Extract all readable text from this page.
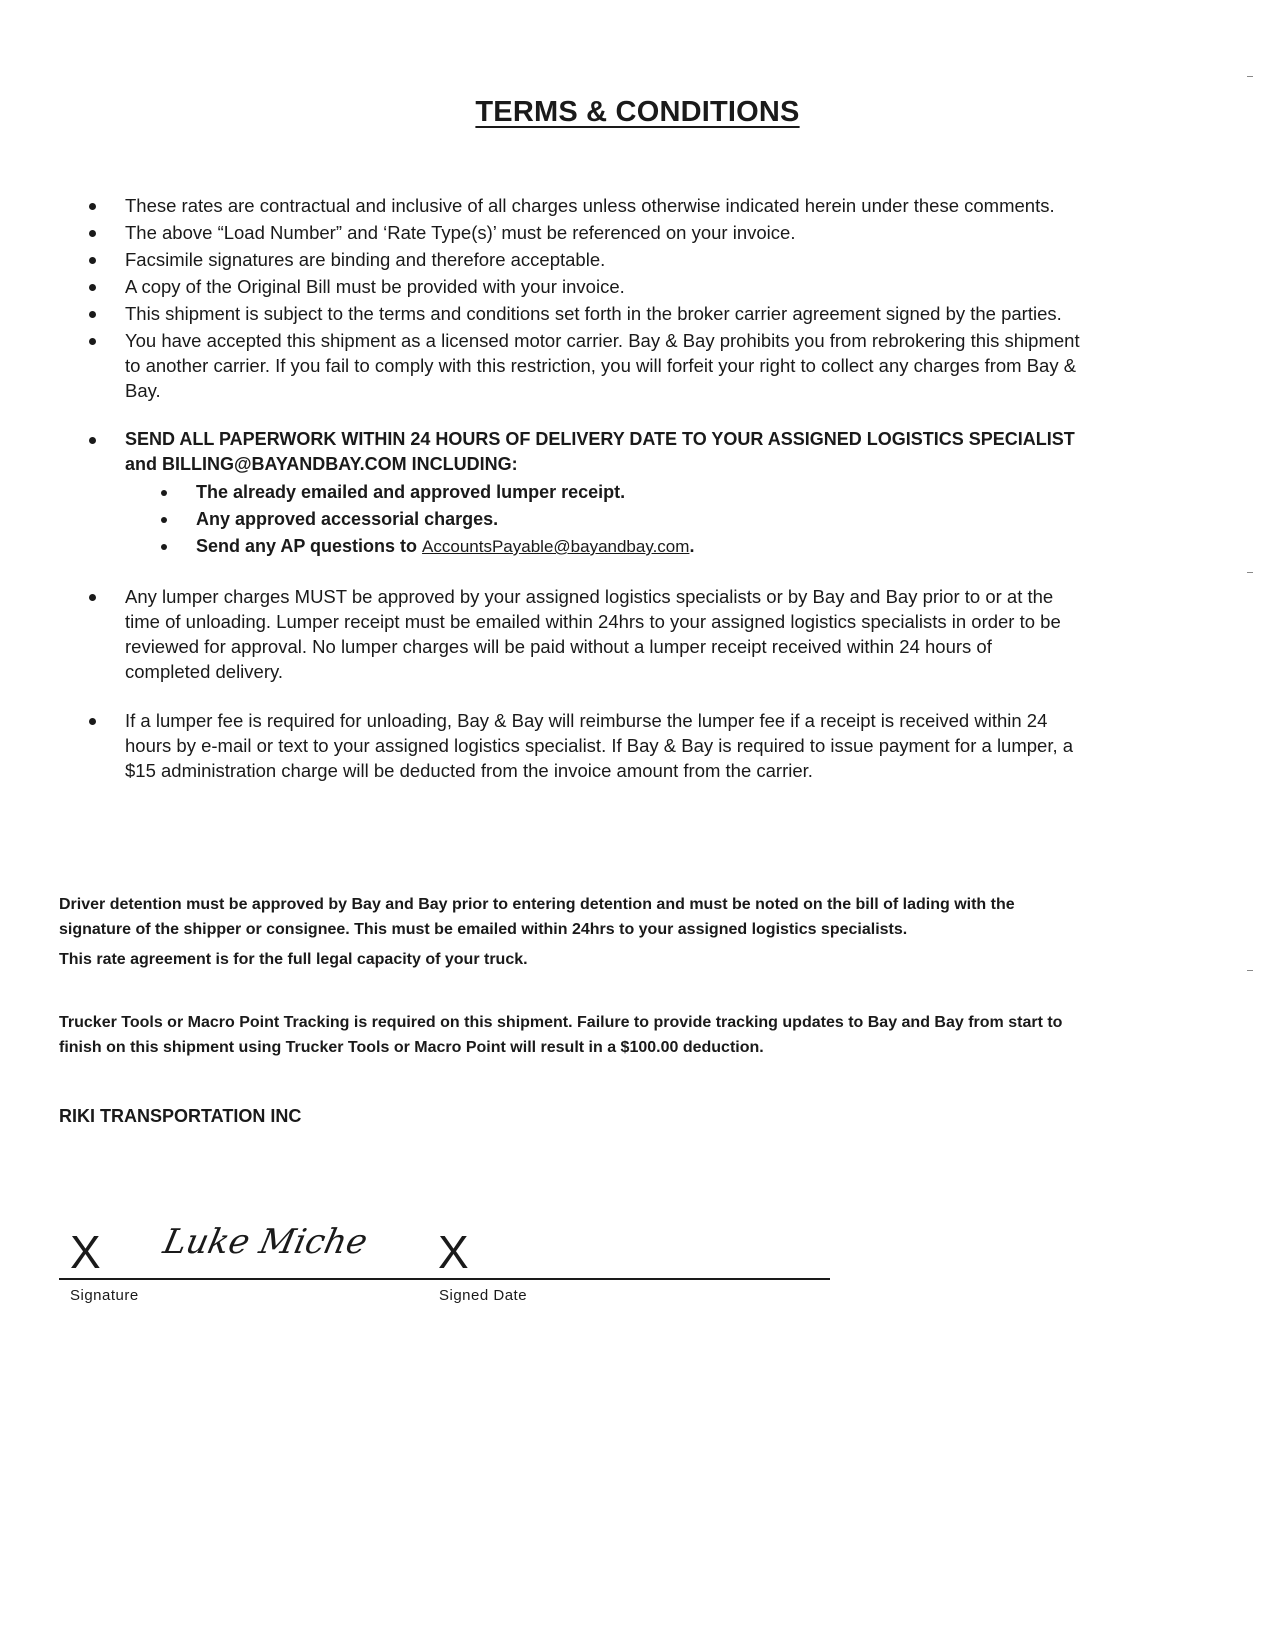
TERMS & CONDITIONS
These rates are contractual and inclusive of all charges unless otherwise indicated herein under these comments.
The above “Load Number” and ‘Rate Type(s)’ must be referenced on your invoice.
Facsimile signatures are binding and therefore acceptable.
A copy of the Original Bill must be provided with your invoice.
This shipment is subject to the terms and conditions set forth in the broker carrier agreement signed by the parties.
You have accepted this shipment as a licensed motor carrier. Bay & Bay prohibits you from rebrokering this shipment to another carrier. If you fail to comply with this restriction, you will forfeit your right to collect any charges from Bay & Bay.
SEND ALL PAPERWORK WITHIN 24 HOURS OF DELIVERY DATE TO YOUR ASSIGNED LOGISTICS SPECIALIST and BILLING@BAYANDBAY.COM INCLUDING:
The already emailed and approved lumper receipt.
Any approved accessorial charges.
Send any AP questions to AccountsPayable@bayandbay.com.
Any lumper charges MUST be approved by your assigned logistics specialists or by Bay and Bay prior to or at the time of unloading. Lumper receipt must be emailed within 24hrs to your assigned logistics specialists in order to be reviewed for approval. No lumper charges will be paid without a lumper receipt received within 24 hours of completed delivery.
If a lumper fee is required for unloading, Bay & Bay will reimburse the lumper fee if a receipt is received within 24 hours by e-mail or text to your assigned logistics specialist. If Bay & Bay is required to issue payment for a lumper, a $15 administration charge will be deducted from the invoice amount from the carrier.
Driver detention must be approved by Bay and Bay prior to entering detention and must be noted on the bill of lading with the signature of the shipper or consignee. This must be emailed within 24hrs to your assigned logistics specialists.
This rate agreement is for the full legal capacity of your truck.
Trucker Tools or Macro Point Tracking is required on this shipment. Failure to provide tracking updates to Bay and Bay from start to finish on this shipment using Trucker Tools or Macro Point will result in a $100.00 deduction.
RIKI TRANSPORTATION INC
X Luke Miche X
Signature	Signed Date
